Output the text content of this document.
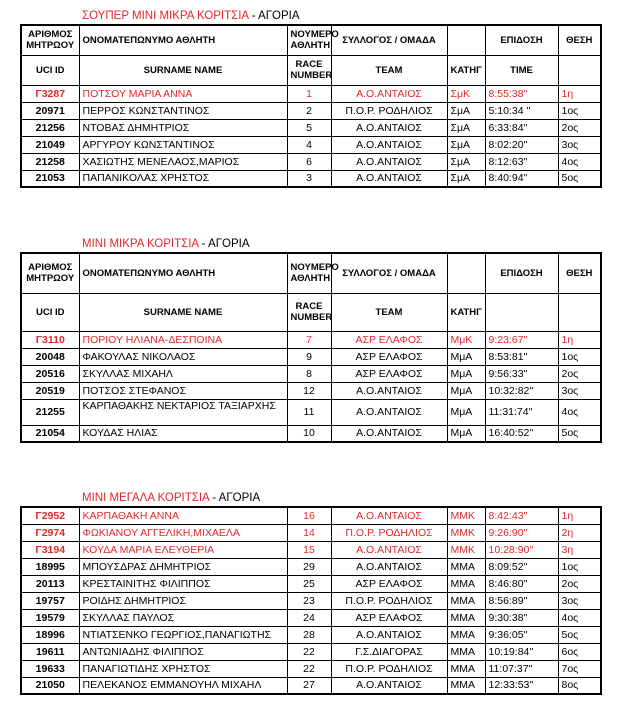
ΣΟΥΠΕΡ ΜΙΝΙ ΜΙΚΡΑ ΚΟΡΙΤΣΙΑ - ΑΓΟΡΙΑ
ΑΡΙΘΜΟΣ ΜΗΤΡΩΟΥ	ΟΝΟΜΑΤΕΠΩΝΥΜΟ ΑΘΛΗΤΗ	ΝΟΥΜΕΡΟ ΑΘΛΗΤΗ	ΣΥΛΛΟΓΟΣ / ΟΜΑΔΑ		ΕΠΙΔΟΣΗ	ΘΕΣΗ
UCI ID	SURNAME NAME	RACE NUMBER	TEAM	ΚΑΤΗΓ	TIME	
Γ3287	ΠΟΤΣΟΥ ΜΑΡΙΑ ΑΝΝΑ	1	Α.Ο.ΑΝΤΑΙΟΣ	ΣμΚ	8:55:38''	1η
20971	ΠΕΡΡΟΣ ΚΩΝΣΤΑΝΤΙΝΟΣ	2	Π.Ο.Ρ. ΡΟΔΗΛΙΟΣ	ΣμΑ	5:10:34 ''	1ος
21256	ΝΤΟΒΑΣ ΔΗΜΗΤΡΙΟΣ	5	Α.Ο.ΑΝΤΑΙΟΣ	ΣμΑ	6:33:84''	2ος
21049	ΑΡΓΥΡΟΥ ΚΩΝΣΤΑΝΤΙΝΟΣ	4	Α.Ο.ΑΝΤΑΙΟΣ	ΣμΑ	8:02:20''	3ος
21258	ΧΑΣΙΩΤΗΣ ΜΕΝΕΛΑΟΣ,ΜΑΡΙΟΣ	6	Α.Ο.ΑΝΤΑΙΟΣ	ΣμΑ	8:12:63''	4ος
21053	ΠΑΠΑΝΙΚΟΛΑΣ ΧΡΗΣΤΟΣ	3	Α.Ο.ΑΝΤΑΙΟΣ	ΣμΑ	8:40:94''	5ος
ΜΙΝΙ ΜΙΚΡΑ ΚΟΡΙΤΣΙΑ - ΑΓΟΡΙΑ
ΑΡΙΘΜΟΣ ΜΗΤΡΩΟΥ	ΟΝΟΜΑΤΕΠΩΝΥΜΟ ΑΘΛΗΤΗ	ΝΟΥΜΕΡΟ ΑΘΛΗΤΗ	ΣΥΛΛΟΓΟΣ / ΟΜΑΔΑ		ΕΠΙΔΟΣΗ	ΘΕΣΗ
UCI ID	SURNAME NAME	RACE NUMBER	TEAM	ΚΑΤΗΓ		
Γ3110	ΠΟΡΙΟΥ ΗΛΙΑΝΑ-ΔΕΣΠΟΙΝΑ	7	ΑΣΡ ΕΛΑΦΟΣ	ΜμΚ	9:23:67''	1η
20048	ΦΑΚΟΥΛΑΣ ΝΙΚΟΛΑΟΣ	9	ΑΣΡ ΕΛΑΦΟΣ	ΜμΑ	8:53:81''	1ος
20516	ΣΚΥΛΛΑΣ ΜΙΧΑΗΛ	8	ΑΣΡ ΕΛΑΦΟΣ	ΜμΑ	9:56:33''	2ος
20519	ΠΟΤΣΟΣ ΣΤΕΦΑΝΟΣ	12	Α.Ο.ΑΝΤΑΙΟΣ	ΜμΑ	10:32:82''	3ος
21255	ΚΑΡΠΑΘΑΚΗΣ ΝΕΚΤΑΡΙΟΣ ΤΑΞΙΑΡΧΗΣ	11	Α.Ο.ΑΝΤΑΙΟΣ	ΜμΑ	11:31:74''	4ος
21054	ΚΟΥΔΑΣ ΗΛΙΑΣ	10	Α.Ο.ΑΝΤΑΙΟΣ	ΜμΑ	16:40:52''	5ος
ΜΙΝΙ ΜΕΓΑΛΑ ΚΟΡΙΤΣΙΑ - ΑΓΟΡΙΑ
Γ2952	ΚΑΡΠΑΘΑΚΗ ΑΝΝΑ	16	Α.Ο.ΑΝΤΑΙΟΣ	ΜΜΚ	8:42:43''	1η
Γ2974	ΦΩΚΙΑΝΟΥ ΑΓΓΕΛΙΚΗ,ΜΙΧΑΕΛΑ	14	Π.Ο.Ρ. ΡΟΔΗΛΙΟΣ	ΜΜΚ	9:26:90''	2η
Γ3194	ΚΟΥΔΑ ΜΑΡΙΑ ΕΛΕΥΘΕΡΙΑ	15	Α.Ο.ΑΝΤΑΙΟΣ	ΜΜΚ	10:28:90''	3η
18995	ΜΠΟΥΣΔΡΑΣ ΔΗΜΗΤΡΙΟΣ	29	Α.Ο.ΑΝΤΑΙΟΣ	ΜΜΑ	8:09:52''	1ος
20113	ΚΡΕΣΤΑΙΝΙΤΗΣ ΦΙΛΙΠΠΟΣ	25	ΑΣΡ ΕΛΑΦΟΣ	ΜΜΑ	8:46:80''	2ος
19757	ΡΟΙΔΗΣ ΔΗΜΗΤΡΙΟΣ	23	Π.Ο.Ρ. ΡΟΔΗΛΙΟΣ	ΜΜΑ	8:56:89''	3ος
19579	ΣΚΥΛΛΑΣ ΠΑΥΛΟΣ	24	ΑΣΡ ΕΛΑΦΟΣ	ΜΜΑ	9:30:38''	4ος
18996	ΝΤΙΑΤΣΕΝΚΟ ΓΕΩΡΓΙΟΣ,ΠΑΝΑΓΙΩΤΗΣ	28	Α.Ο.ΑΝΤΑΙΟΣ	ΜΜΑ	9:36:05''	5ος
19611	ΑΝΤΩΝΙΑΔΗΣ ΦΙΛΙΠΠΟΣ	22	Γ.Σ.ΔΙΑΓΟΡΑΣ	ΜΜΑ	10:19:84''	6ος
19633	ΠΑΝΑΓΙΩΤΙΔΗΣ ΧΡΗΣΤΟΣ	22	Π.Ο.Ρ. ΡΟΔΗΛΙΟΣ	ΜΜΑ	11:07:37''	7ος
21050	ΠΕΛΕΚΑΝΟΣ ΕΜΜΑΝΟΥΗΛ ΜΙΧΑΗΛ	27	Α.Ο.ΑΝΤΑΙΟΣ	ΜΜΑ	12:33:53''	8ος
